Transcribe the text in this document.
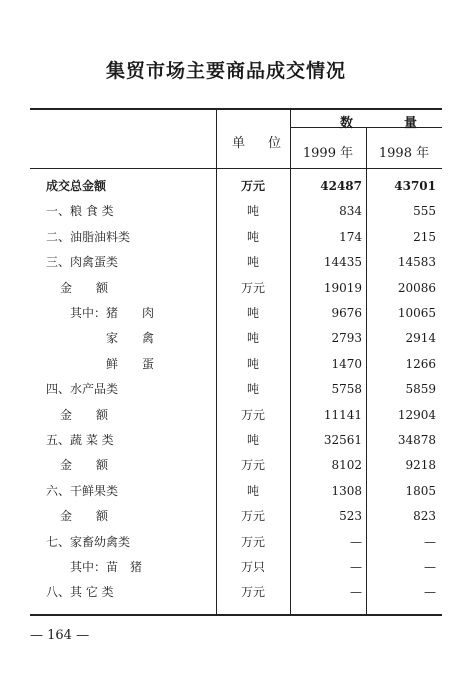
集贸市场主要商品成交情况
单 位
数	量
1999 年	1998 年
成交总金额	万元	42487	43701
一、粮 食 类	吨	834	555
二、油脂油料类	吨	174	215
三、肉禽蛋类	吨	14435	14583
金　　额	万元	19019	20086
其中：猪　　肉	吨	9676	10065
家　　禽	吨	2793	2914
鲜　　蛋	吨	1470	1266
四、水产品类	吨	5758	5859
金　　额	万元	11141	12904
五、蔬 菜 类	吨	32561	34878
金　　额	万元	8102	9218
六、干鲜果类	吨	1308	1805
金　　额	万元	523	823
七、家畜幼禽类	万元	—	—
其中：苗　猪	万只	—	—
八、其 它 类	万元	—	—
— 164 —
